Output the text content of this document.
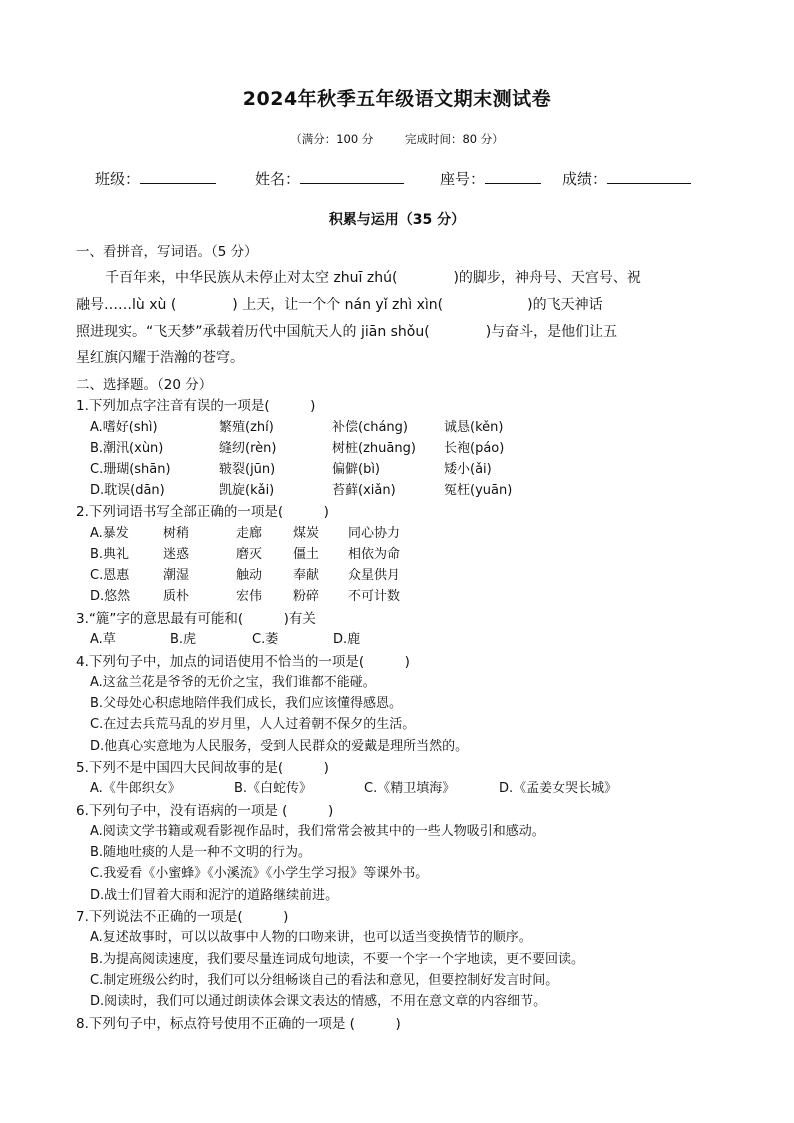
2024年秋季五年级语文期末测试卷
（满分：100 分	完成时间：80 分）
班级：	姓名：	座号：	成绩：
积累与运用（35 分）
一、看拼音，写词语。（5 分）
千百年来，中华民族从未停止对太空 zhuī zhú(　　　　)的脚步，神舟号、天宫号、祝
融号……lù xù (　　　　) 上天，让一个个 nán yǐ zhì xìn(　　　　　　)的飞天神话
照进现实。“飞天梦”承载着历代中国航天人的 jiān shǒu(　　　　)与奋斗，是他们让五
星红旗闪耀于浩瀚的苍穹。
二、选择题。（20 分）
1.下列加点字注音有误的一项是(　　　)
A.嗜好(shì)	繁殖(zhí)	补偿(cháng)	诚恳(kěn)
B.潮汛(xùn)	缝纫(rèn)	树桩(zhuāng) 长袍(páo)
C.珊瑚(shān)	皲裂(jūn)	偏僻(bì)	矮小(ǎi)
D.耽误(dān)	凯旋(kǎi)	苔藓(xiǎn)	冤枉(yuān)
2.下列词语书写全部正确的一项是(　　　)
A.暴发	树稍	走廊 煤炭 同心协力
B.典礼	迷惑	磨灭 僵土 相依为命
C.恩惠	潮湿	触动 奉献 众星供月
D.悠然	质朴	宏伟 粉碎 不可计数
3.“簏”字的意思最有可能和(　　　)有关
A.草	B.虎	C.萎	D.鹿
4.下列句子中，加点的词语使用不恰当的一项是(　　　)
A.这盆兰花是爷爷的无价之宝，我们谁都不能碰。
B.父母处心积虑地陪伴我们成长，我们应该懂得感恩。
C.在过去兵荒马乱的岁月里，人人过着朝不保夕的生活。
D.他真心实意地为人民服务，受到人民群众的爱戴是理所当然的。
5.下列不是中国四大民间故事的是(　　　)
A.《牛郎织女》	B.《白蛇传》	C.《精卫填海》	D.《孟姜女哭长城》
6.下列句子中，没有语病的一项是 (　　　)
A.阅读文学书籍或观看影视作品时，我们常常会被其中的一些人物吸引和感动。
B.随地吐痰的人是一种不文明的行为。
C.我爱看《小蜜蜂》《小溪流》《小学生学习报》等课外书。
D.战士们冒着大雨和泥泞的道路继续前进。
7.下列说法不正确的一项是(　　　)
A.复述故事时，可以以故事中人物的口吻来讲，也可以适当变换情节的顺序。
B.为提高阅读速度，我们要尽量连词成句地读，不要一个字一个字地读，更不要回读。
C.制定班级公约时，我们可以分组畅谈自己的看法和意见，但要控制好发言时间。
D.阅读时，我们可以通过朗读体会课文表达的情感，不用在意文章的内容细节。
8.下列句子中，标点符号使用不正确的一项是 (　　　)
